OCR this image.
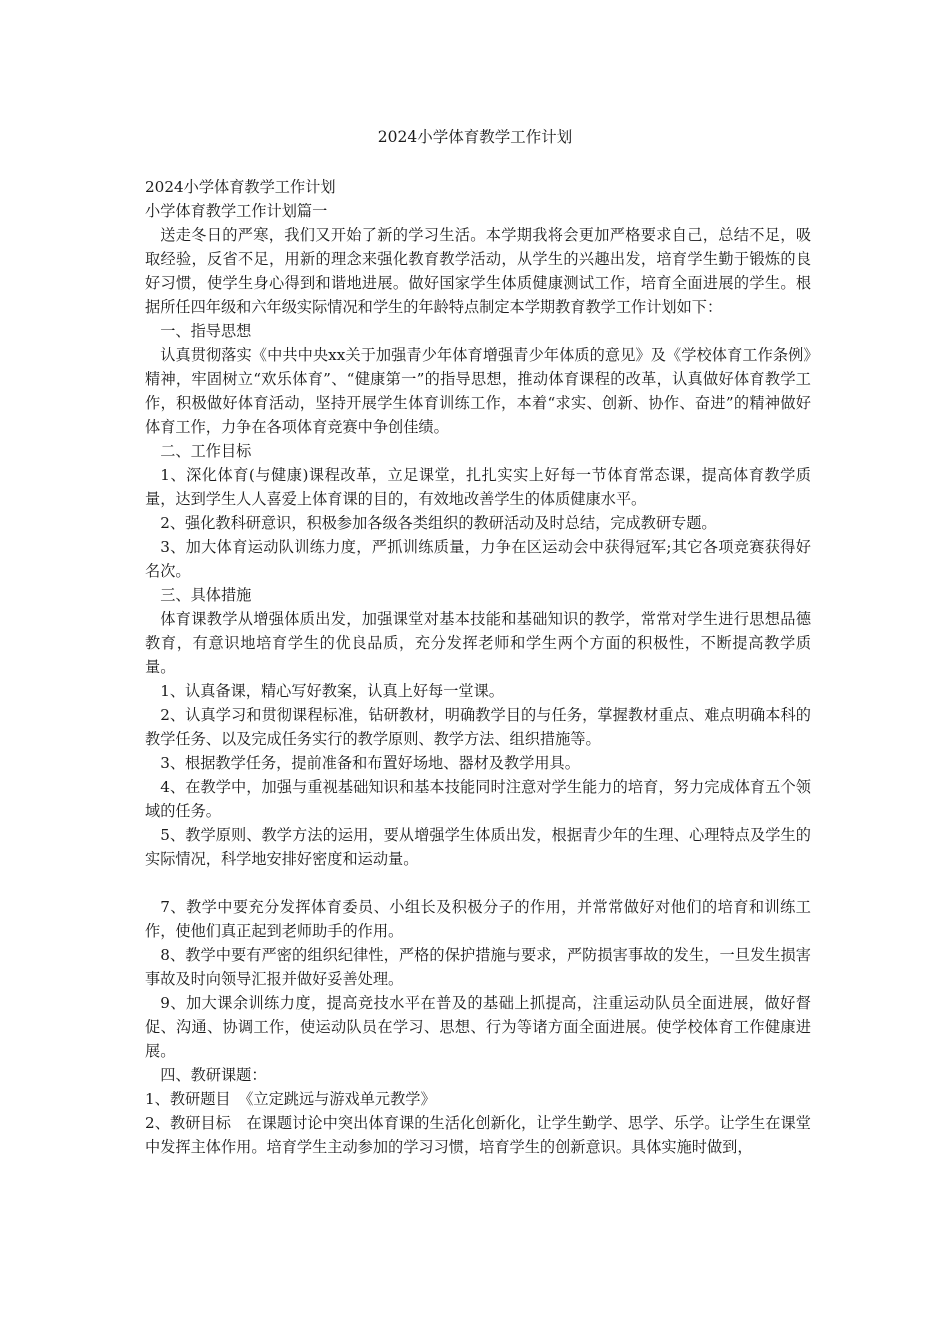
2024小学体育教学工作计划

2024小学体育教学工作计划

小学体育教学工作计划篇一

送走冬日的严寒，我们又开始了新的学习生活。本学期我将会更加严格要求自己，总结不足，吸取经验，反省不足，用新的理念来强化教育教学活动，从学生的兴趣出发，培育学生勤于锻炼的良好习惯，使学生身心得到和谐地进展。做好国家学生体质健康测试工作，培育全面进展的学生。根据所任四年级和六年级实际情况和学生的年龄特点制定本学期教育教学工作计划如下：

一、指导思想

认真贯彻落实《中共中央xx关于加强青少年体育增强青少年体质的意见》及《学校体育工作条例》精神，牢固树立“欢乐体育”、“健康第一”的指导思想，推动体育课程的改革，认真做好体育教学工作，积极做好体育活动，坚持开展学生体育训练工作，本着“求实、创新、协作、奋进”的精神做好体育工作，力争在各项体育竞赛中争创佳绩。

二、工作目标

1、深化体育(与健康)课程改革，立足课堂，扎扎实实上好每一节体育常态课，提高体育教学质量，达到学生人人喜爱上体育课的目的，有效地改善学生的体质健康水平。

2、强化教科研意识，积极参加各级各类组织的教研活动及时总结，完成教研专题。

3、加大体育运动队训练力度，严抓训练质量，力争在区运动会中获得冠军;其它各项竞赛获得好名次。

三、具体措施

体育课教学从增强体质出发，加强课堂对基本技能和基础知识的教学，常常对学生进行思想品德教育，有意识地培育学生的优良品质，充分发挥老师和学生两个方面的积极性，不断提高教学质量。

1、认真备课，精心写好教案，认真上好每一堂课。

2、认真学习和贯彻课程标准，钻研教材，明确教学目的与任务，掌握教材重点、难点明确本科的教学任务、以及完成任务实行的教学原则、教学方法、组织措施等。

3、根据教学任务，提前准备和布置好场地、器材及教学用具。

4、在教学中，加强与重视基础知识和基本技能同时注意对学生能力的培育，努力完成体育五个领域的任务。

5、教学原则、教学方法的运用，要从增强学生体质出发，根据青少年的生理、心理特点及学生的实际情况，科学地安排好密度和运动量。

7、教学中要充分发挥体育委员、小组长及积极分子的作用，并常常做好对他们的培育和训练工作，使他们真正起到老师助手的作用。

8、教学中要有严密的组织纪律性，严格的保护措施与要求，严防损害事故的发生，一旦发生损害事故及时向领导汇报并做好妥善处理。

9、加大课余训练力度，提高竞技水平在普及的基础上抓提高，注重运动队员全面进展，做好督促、沟通、协调工作，使运动队员在学习、思想、行为等诸方面全面进展。使学校体育工作健康进展。

四、教研课题：

1、教研题目　《立定跳远与游戏单元教学》

2、教研目标　在课题讨论中突出体育课的生活化创新化，让学生勤学、思学、乐学。让学生在课堂中发挥主体作用。培育学生主动参加的学习习惯，培育学生的创新意识。具体实施时做到，
